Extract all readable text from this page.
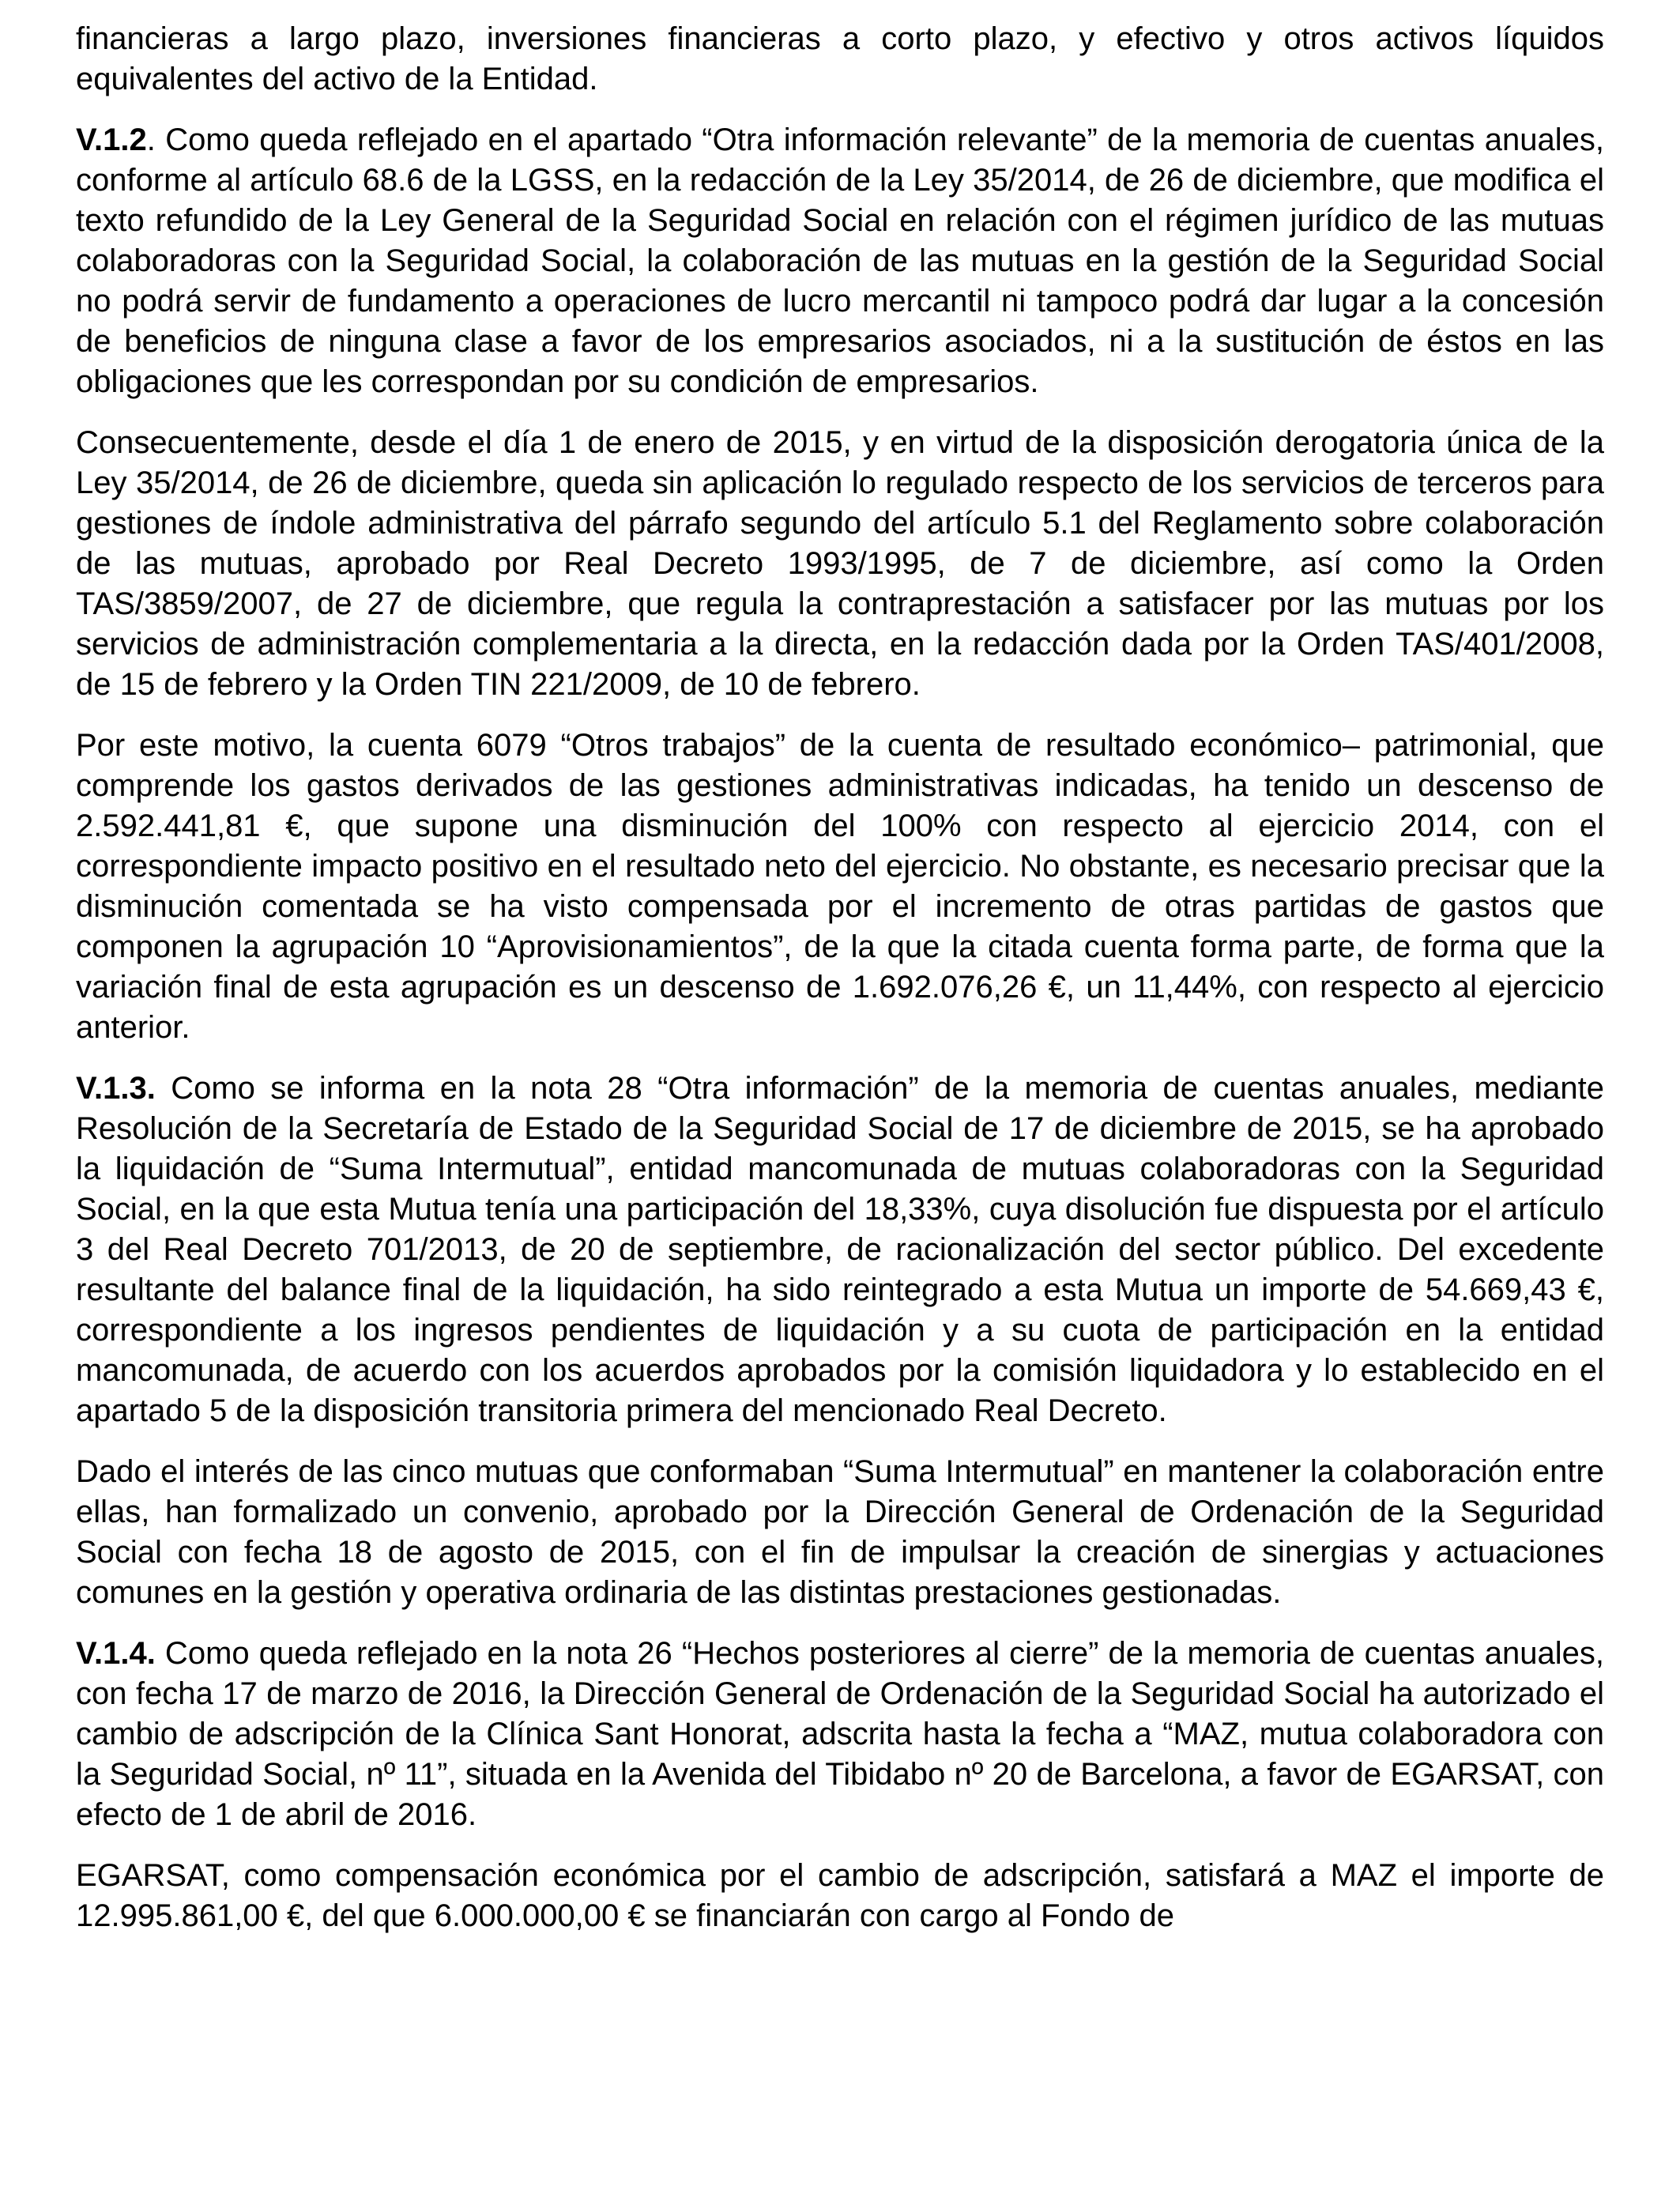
financieras a largo plazo, inversiones financieras a corto plazo, y efectivo y otros activos líquidos equivalentes del activo de la Entidad.

V.1.2. Como queda reflejado en el apartado “Otra información relevante” de la memoria de cuentas anuales, conforme al artículo 68.6 de la LGSS, en la redacción de la Ley 35/2014, de 26 de diciembre, que modifica el texto refundido de la Ley General de la Seguridad Social en relación con el régimen jurídico de las mutuas colaboradoras con la Seguridad Social, la colaboración de las mutuas en la gestión de la Seguridad Social no podrá servir de fundamento a operaciones de lucro mercantil ni tampoco podrá dar lugar a la concesión de beneficios de ninguna clase a favor de los empresarios asociados, ni a la sustitución de éstos en las obligaciones que les correspondan por su condición de empresarios.

Consecuentemente, desde el día 1 de enero de 2015, y en virtud de la disposición derogatoria única de la Ley 35/2014, de 26 de diciembre, queda sin aplicación lo regulado respecto de los servicios de terceros para gestiones de índole administrativa del párrafo segundo del artículo 5.1 del Reglamento sobre colaboración de las mutuas, aprobado por Real Decreto 1993/1995, de 7 de diciembre, así como la Orden TAS/3859/2007, de 27 de diciembre, que regula la contraprestación a satisfacer por las mutuas por los servicios de administración complementaria a la directa, en la redacción dada por la Orden TAS/401/2008, de 15 de febrero y la Orden TIN 221/2009, de 10 de febrero.

Por este motivo, la cuenta 6079 “Otros trabajos” de la cuenta de resultado económico– patrimonial, que comprende los gastos derivados de las gestiones administrativas indicadas, ha tenido un descenso de 2.592.441,81 €, que supone una disminución del 100% con respecto al ejercicio 2014, con el correspondiente impacto positivo en el resultado neto del ejercicio. No obstante, es necesario precisar que la disminución comentada se ha visto compensada por el incremento de otras partidas de gastos que componen la agrupación 10 “Aprovisionamientos”, de la que la citada cuenta forma parte, de forma que la variación final de esta agrupación es un descenso de 1.692.076,26 €, un 11,44%, con respecto al ejercicio anterior.

V.1.3. Como se informa en la nota 28 “Otra información” de la memoria de cuentas anuales, mediante Resolución de la Secretaría de Estado de la Seguridad Social de 17 de diciembre de 2015, se ha aprobado la liquidación de “Suma Intermutual”, entidad mancomunada de mutuas colaboradoras con la Seguridad Social, en la que esta Mutua tenía una participación del 18,33%, cuya disolución fue dispuesta por el artículo 3 del Real Decreto 701/2013, de 20 de septiembre, de racionalización del sector público. Del excedente resultante del balance final de la liquidación, ha sido reintegrado a esta Mutua un importe de 54.669,43 €, correspondiente a los ingresos pendientes de liquidación y a su cuota de participación en la entidad mancomunada, de acuerdo con los acuerdos aprobados por la comisión liquidadora y lo establecido en el apartado 5 de la disposición transitoria primera del mencionado Real Decreto.

Dado el interés de las cinco mutuas que conformaban “Suma Intermutual” en mantener la colaboración entre ellas, han formalizado un convenio, aprobado por la Dirección General de Ordenación de la Seguridad Social con fecha 18 de agosto de 2015, con el fin de impulsar la creación de sinergias y actuaciones comunes en la gestión y operativa ordinaria de las distintas prestaciones gestionadas.

V.1.4. Como queda reflejado en la nota 26 “Hechos posteriores al cierre” de la memoria de cuentas anuales, con fecha 17 de marzo de 2016, la Dirección General de Ordenación de la Seguridad Social ha autorizado el cambio de adscripción de la Clínica Sant Honorat, adscrita hasta la fecha a “MAZ, mutua colaboradora con la Seguridad Social, nº 11”, situada en la Avenida del Tibidabo nº 20 de Barcelona, a favor de EGARSAT, con efecto de 1 de abril de 2016.

EGARSAT, como compensación económica por el cambio de adscripción, satisfará a MAZ el importe de 12.995.861,00 €, del que 6.000.000,00 € se financiarán con cargo al Fondo de
